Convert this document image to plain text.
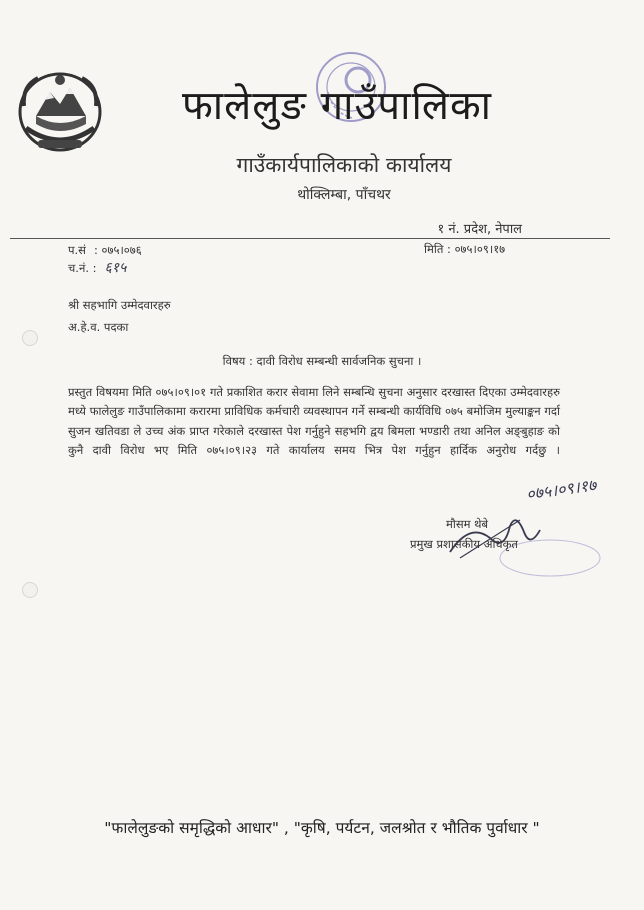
फालेलुङ गाउँपालिका
गाउँकार्यपालिकाको कार्यालय
थोक्लिम्बा, पाँचथर
१ नं. प्रदेश, नेपाल
प.सं : ०७५।०७६
च.नं. : ६१५
मिति : ०७५।०९।१७
श्री सहभागि उम्मेदवारहरु
अ.हे.व. पदका
विषय : दावी विरोध सम्बन्धी सार्वजनिक सुचना ।
प्रस्तुत विषयमा मिति ०७५।०९।०१ गते प्रकाशित करार सेवामा लिने सम्बन्धि सुचना अनुसार दरखास्त दिएका उम्मेदवारहरु मध्ये फालेलुङ गाउँपालिकामा करारमा प्राविधिक कर्मचारी व्यवस्थापन गर्ने सम्बन्धी कार्यविधि ०७५ बमोजिम मुल्याङ्कन गर्दा सुजन खतिवडा ले उच्च अंक प्राप्त गरेकाले दरखास्त पेश गर्नुहुने सहभगि द्वय बिमला भण्डारी तथा अनिल अङ्बुहाङ को कुनै दावी विरोध भए मिति ०७५।०९।२३ गते कार्यालय समय भित्र पेश गर्नुहुन हार्दिक अनुरोध गर्दछु ।
०७५।०९।१७
मौसम थेबे
प्रमुख प्रशासकीय अधिकृत
"फालेलुङको समृद्धिको आधार" , "कृषि, पर्यटन, जलश्रोत र भौतिक पुर्वाधार "
